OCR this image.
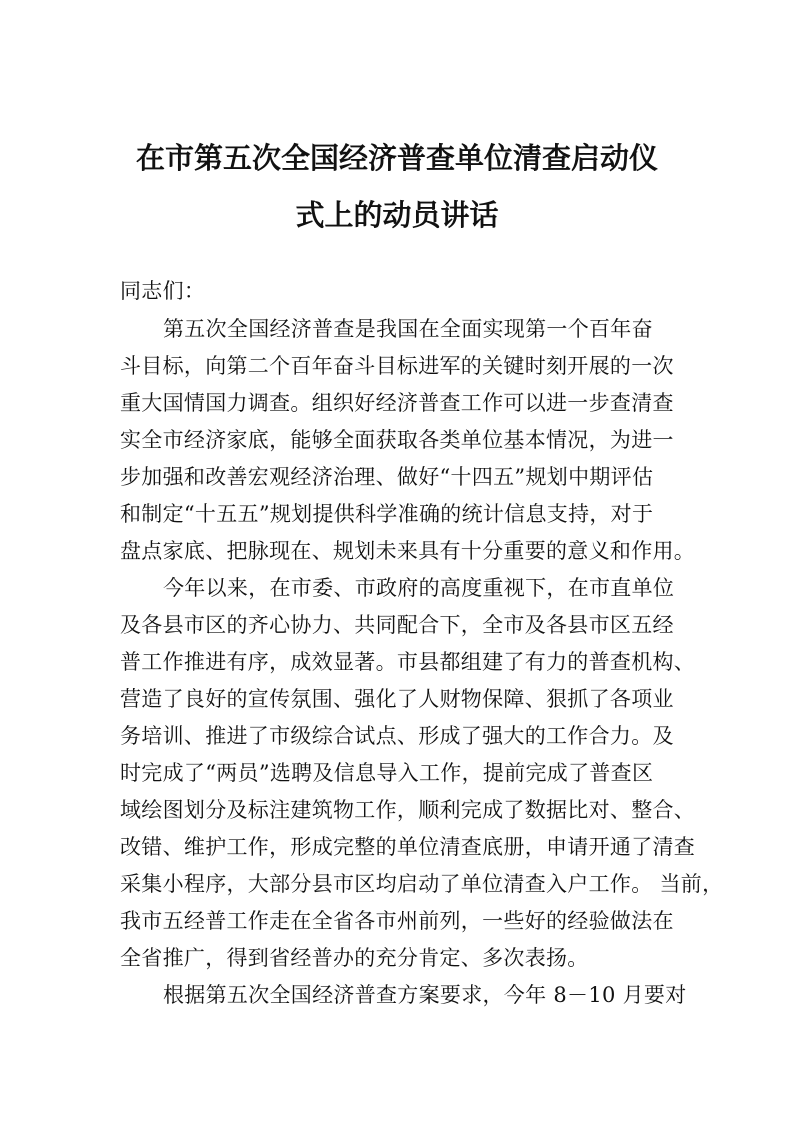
在市第五次全国经济普查单位清查启动仪
式上的动员讲话
同志们：
第五次全国经济普查是我国在全面实现第一个百年奋
斗目标，向第二个百年奋斗目标进军的关键时刻开展的一次
重大国情国力调查。组织好经济普查工作可以进一步查清查
实全市经济家底，能够全面获取各类单位基本情况，为进一
步加强和改善宏观经济治理、做好“十四五”规划中期评估
和制定“十五五”规划提供科学准确的统计信息支持，对于
盘点家底、把脉现在、规划未来具有十分重要的意义和作用。
今年以来，在市委、市政府的高度重视下，在市直单位
及各县市区的齐心协力、共同配合下，全市及各县市区五经
普工作推进有序，成效显著。市县都组建了有力的普查机构、
营造了良好的宣传氛围、强化了人财物保障、狠抓了各项业
务培训、推进了市级综合试点、形成了强大的工作合力。及
时完成了“两员”选聘及信息导入工作，提前完成了普查区
域绘图划分及标注建筑物工作，顺利完成了数据比对、整合、
改错、维护工作，形成完整的单位清查底册，申请开通了清查
采集小程序，大部分县市区均启动了单位清查入户工作。 当前，
我市五经普工作走在全省各市州前列，一些好的经验做法在
全省推广，得到省经普办的充分肯定、多次表扬。
根据第五次全国经济普查方案要求，今年 8－10 月要对
